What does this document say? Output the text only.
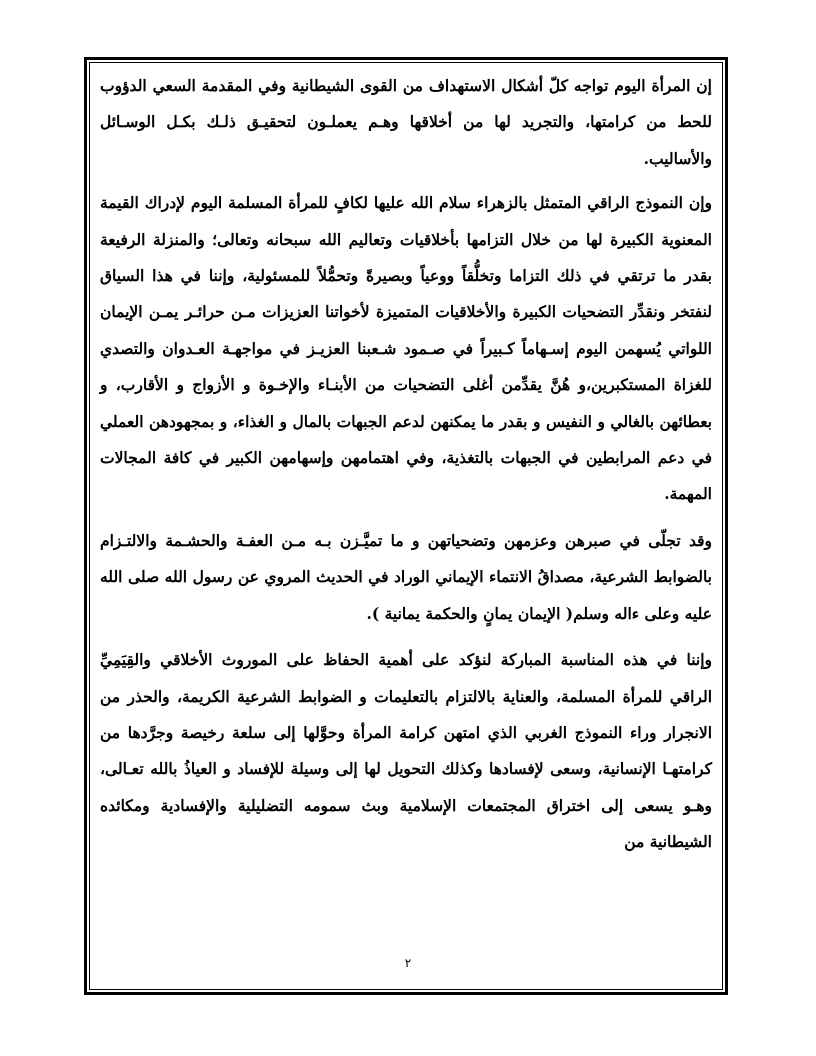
إن المرأة اليوم تواجه كلّ أشكال الاستهداف من القوى الشيطانية وفي المقدمة السعي الدؤوب للحط من كرامتها، والتجريد لها من أخلاقها وهـم يعملـون لتحقيـق ذلـك بكـل الوسـائل والأساليب.

وإن النموذج الراقي المتمثل بالزهراء سلام الله عليها لكافٍ للمرأة المسلمة اليوم لإدراك القيمة المعنوية الكبيرة لها من خلال التزامها بأخلاقيات وتعاليم الله سبحانه وتعالى؛ والمنزلة الرفيعة بقدر ما ترتقي في ذلك التزاما وتخلُّقاً ووعياً وبصيرةً وتحمُّلاً للمسئولية، وإننا في هذا السياق لنفتخر ونقدِّر التضحيات الكبيرة والأخلاقيات المتميزة لأخواتنا العزيزات مـن حرائـر يمـن الإيمان اللواتي يُسهمن اليوم إسـهاماً كـبيراً في صـمود شـعبنا العزيـز في مواجهـة العـدوان والتصدي للغزاة المستكبرين،و هُنَّ يقدِّمن أغلى التضحيات من الأبنـاء والإخـوة و الأزواج و الأقارب، و بعطائهن بالغالي و النفيس و بقدر ما يمكنهن لدعم الجبهات بالمال و الغذاء، و بمجهودهن العملي في دعم المرابطين في الجبهات بالتغذية، وفي اهتمامهن وإسهامهن الكبير في كافة المجالات المهمة.

وقد تجلّى في صبرهن وعزمهن وتضحياتهن و ما تميَّـزن بـه مـن العفـة والحشـمة والالتـزام بالضوابط الشرعية، مصداقُ الانتماء الإيماني الوراد في الحديث المروي عن رسول الله صلى الله عليه وعلى ءاله وسلم( الإيمان يمانٍ والحكمة يمانية ).

وإننا في هذه المناسبة المباركة لنؤكد على أهمية الحفاظ على الموروث الأخلاقي والقِيَمِيِّ الراقي للمرأة المسلمة، والعناية بالالتزام بالتعليمات و الضوابط الشرعية الكريمة، والحذر من الانجرار وراء النموذج الغربي الذي امتهن كرامة المرأة وحوَّلها إلى سلعة رخيصة وجرَّدها من كرامتهـا الإنسانية، وسعى لإفسادها وكذلك التحويل لها إلى وسيلة للإفساد و العياذُ بالله تعـالى، وهـو يسعى إلى اختراق المجتمعات الإسلامية وبث سمومه التضليلية والإفسادية ومكائده الشيطانية من

٢
